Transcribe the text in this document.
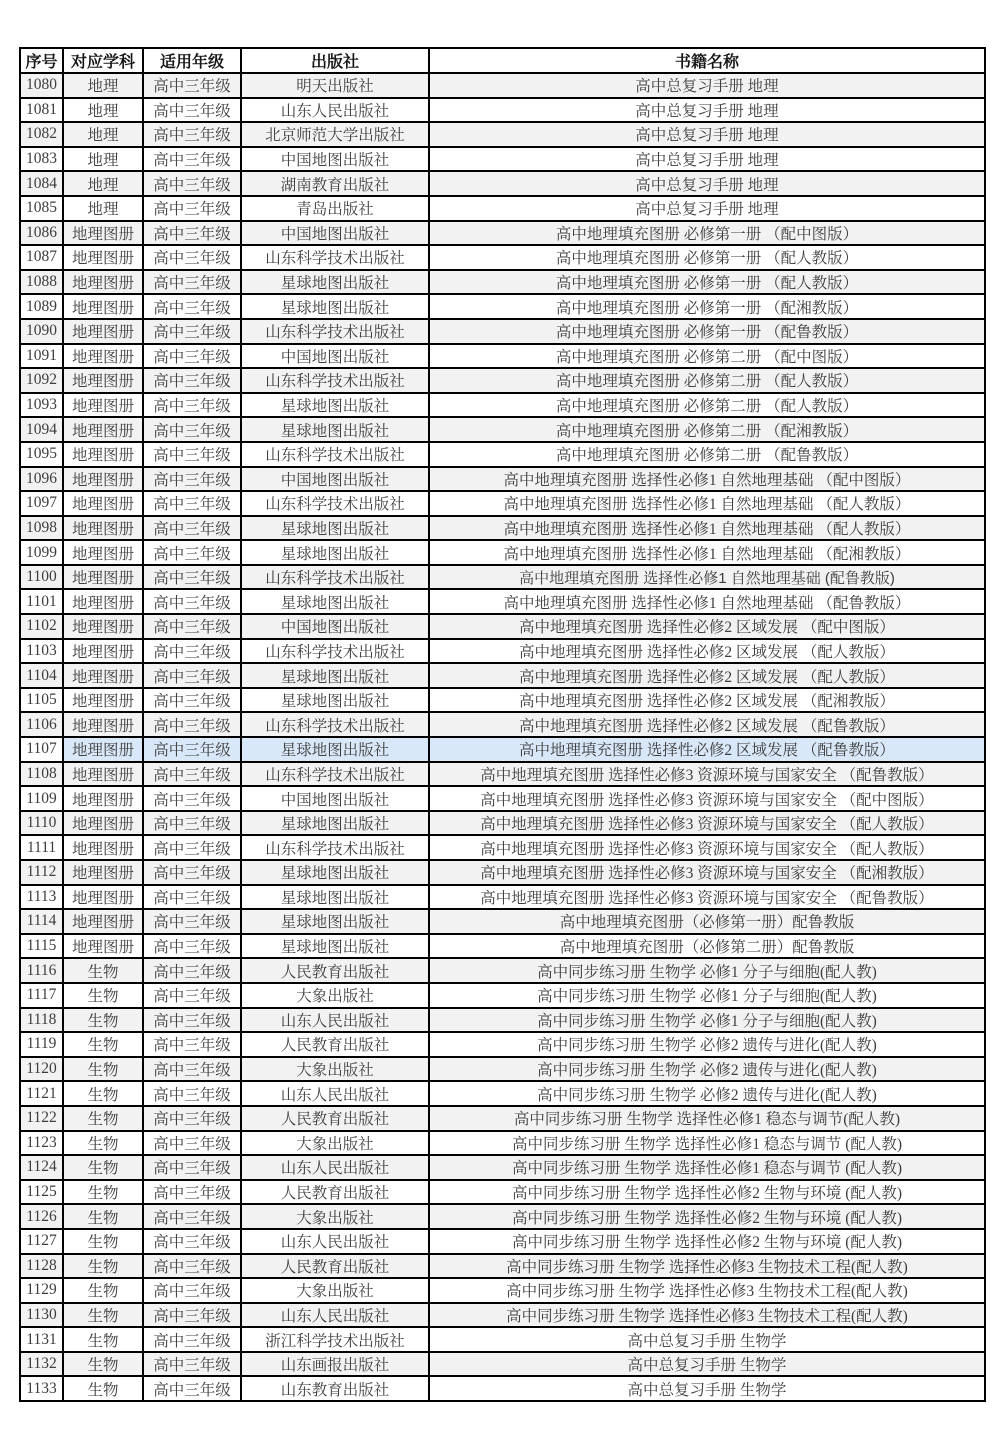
序号	对应学科	适用年级	出版社	书籍名称
1080	地理	高中三年级	明天出版社	高中总复习手册 地理
1081	地理	高中三年级	山东人民出版社	高中总复习手册 地理
1082	地理	高中三年级	北京师范大学出版社	高中总复习手册 地理
1083	地理	高中三年级	中国地图出版社	高中总复习手册 地理
1084	地理	高中三年级	湖南教育出版社	高中总复习手册 地理
1085	地理	高中三年级	青岛出版社	高中总复习手册 地理
1086	地理图册	高中三年级	中国地图出版社	高中地理填充图册 必修第一册 （配中图版）
1087	地理图册	高中三年级	山东科学技术出版社	高中地理填充图册 必修第一册 （配人教版）
1088	地理图册	高中三年级	星球地图出版社	高中地理填充图册 必修第一册 （配人教版）
1089	地理图册	高中三年级	星球地图出版社	高中地理填充图册 必修第一册 （配湘教版）
1090	地理图册	高中三年级	山东科学技术出版社	高中地理填充图册 必修第一册 （配鲁教版）
1091	地理图册	高中三年级	中国地图出版社	高中地理填充图册 必修第二册 （配中图版）
1092	地理图册	高中三年级	山东科学技术出版社	高中地理填充图册 必修第二册 （配人教版）
1093	地理图册	高中三年级	星球地图出版社	高中地理填充图册 必修第二册 （配人教版）
1094	地理图册	高中三年级	星球地图出版社	高中地理填充图册 必修第二册 （配湘教版）
1095	地理图册	高中三年级	山东科学技术出版社	高中地理填充图册 必修第二册 （配鲁教版）
1096	地理图册	高中三年级	中国地图出版社	高中地理填充图册 选择性必修1 自然地理基础 （配中图版）
1097	地理图册	高中三年级	山东科学技术出版社	高中地理填充图册 选择性必修1 自然地理基础 （配人教版）
1098	地理图册	高中三年级	星球地图出版社	高中地理填充图册 选择性必修1 自然地理基础 （配人教版）
1099	地理图册	高中三年级	星球地图出版社	高中地理填充图册 选择性必修1 自然地理基础 （配湘教版）
1100	地理图册	高中三年级	山东科学技术出版社	高中地理填充图册 选择性必修1 自然地理基础 (配鲁教版)
1101	地理图册	高中三年级	星球地图出版社	高中地理填充图册 选择性必修1 自然地理基础 （配鲁教版）
1102	地理图册	高中三年级	中国地图出版社	高中地理填充图册 选择性必修2 区域发展 （配中图版）
1103	地理图册	高中三年级	山东科学技术出版社	高中地理填充图册 选择性必修2 区域发展 （配人教版）
1104	地理图册	高中三年级	星球地图出版社	高中地理填充图册 选择性必修2 区域发展 （配人教版）
1105	地理图册	高中三年级	星球地图出版社	高中地理填充图册 选择性必修2 区域发展 （配湘教版）
1106	地理图册	高中三年级	山东科学技术出版社	高中地理填充图册 选择性必修2 区域发展 （配鲁教版）
1107	地理图册	高中三年级	星球地图出版社	高中地理填充图册 选择性必修2 区域发展 （配鲁教版）
1108	地理图册	高中三年级	山东科学技术出版社	高中地理填充图册 选择性必修3 资源环境与国家安全 （配鲁教版）
1109	地理图册	高中三年级	中国地图出版社	高中地理填充图册 选择性必修3 资源环境与国家安全 （配中图版）
1110	地理图册	高中三年级	星球地图出版社	高中地理填充图册 选择性必修3 资源环境与国家安全 （配人教版）
1111	地理图册	高中三年级	山东科学技术出版社	高中地理填充图册 选择性必修3 资源环境与国家安全 （配人教版）
1112	地理图册	高中三年级	星球地图出版社	高中地理填充图册 选择性必修3 资源环境与国家安全 （配湘教版）
1113	地理图册	高中三年级	星球地图出版社	高中地理填充图册 选择性必修3 资源环境与国家安全 （配鲁教版）
1114	地理图册	高中三年级	星球地图出版社	高中地理填充图册（必修第一册）配鲁教版
1115	地理图册	高中三年级	星球地图出版社	高中地理填充图册（必修第二册）配鲁教版
1116	生物	高中三年级	人民教育出版社	高中同步练习册 生物学 必修1 分子与细胞(配人教)
1117	生物	高中三年级	大象出版社	高中同步练习册 生物学 必修1 分子与细胞(配人教)
1118	生物	高中三年级	山东人民出版社	高中同步练习册 生物学 必修1 分子与细胞(配人教)
1119	生物	高中三年级	人民教育出版社	高中同步练习册 生物学 必修2 遗传与进化(配人教)
1120	生物	高中三年级	大象出版社	高中同步练习册 生物学 必修2 遗传与进化(配人教)
1121	生物	高中三年级	山东人民出版社	高中同步练习册 生物学 必修2 遗传与进化(配人教)
1122	生物	高中三年级	人民教育出版社	高中同步练习册 生物学 选择性必修1 稳态与调节(配人教)
1123	生物	高中三年级	大象出版社	高中同步练习册 生物学 选择性必修1 稳态与调节 (配人教)
1124	生物	高中三年级	山东人民出版社	高中同步练习册 生物学 选择性必修1 稳态与调节 (配人教)
1125	生物	高中三年级	人民教育出版社	高中同步练习册 生物学 选择性必修2 生物与环境 (配人教)
1126	生物	高中三年级	大象出版社	高中同步练习册 生物学 选择性必修2 生物与环境 (配人教)
1127	生物	高中三年级	山东人民出版社	高中同步练习册 生物学 选择性必修2 生物与环境 (配人教)
1128	生物	高中三年级	人民教育出版社	高中同步练习册 生物学 选择性必修3 生物技术工程(配人教)
1129	生物	高中三年级	大象出版社	高中同步练习册 生物学 选择性必修3 生物技术工程(配人教)
1130	生物	高中三年级	山东人民出版社	高中同步练习册 生物学 选择性必修3 生物技术工程(配人教)
1131	生物	高中三年级	浙江科学技术出版社	高中总复习手册 生物学
1132	生物	高中三年级	山东画报出版社	高中总复习手册 生物学
1133	生物	高中三年级	山东教育出版社	高中总复习手册 生物学
